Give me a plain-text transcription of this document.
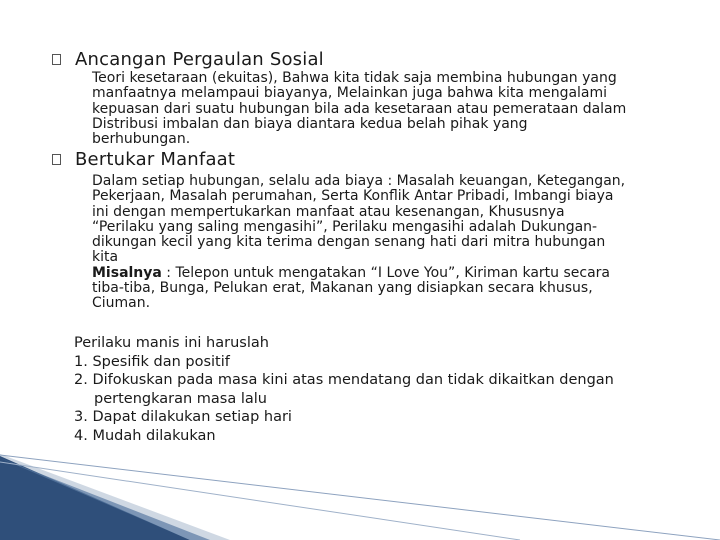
Ancangan Pergaulan Sosial
Teori kesetaraan (ekuitas), Bahwa kita tidak saja membina hubungan yang
manfaatnya melampaui biayanya, Melainkan juga bahwa kita mengalami
kepuasan dari suatu hubungan bila ada kesetaraan atau pemerataan dalam
Distribusi imbalan dan biaya diantara kedua belah pihak yang
berhubungan.
Bertukar Manfaat
Dalam setiap hubungan, selalu ada biaya : Masalah keuangan, Ketegangan,
Pekerjaan, Masalah perumahan, Serta Konflik Antar Pribadi, Imbangi biaya
ini dengan mempertukarkan manfaat atau kesenangan, Khususnya
“Perilaku yang saling mengasihi”, Perilaku mengasihi adalah Dukungan-
dikungan kecil yang kita terima dengan senang hati dari mitra hubungan
kita
Misalnya : Telepon untuk mengatakan “I Love You”, Kiriman kartu secara
tiba-tiba, Bunga, Pelukan erat, Makanan yang disiapkan secara khusus,
Ciuman.
Perilaku manis ini haruslah
1. Spesifik dan positif
2. Difokuskan pada masa kini atas mendatang dan tidak dikaitkan dengan
pertengkaran masa lalu
3. Dapat dilakukan setiap hari
4. Mudah dilakukan
